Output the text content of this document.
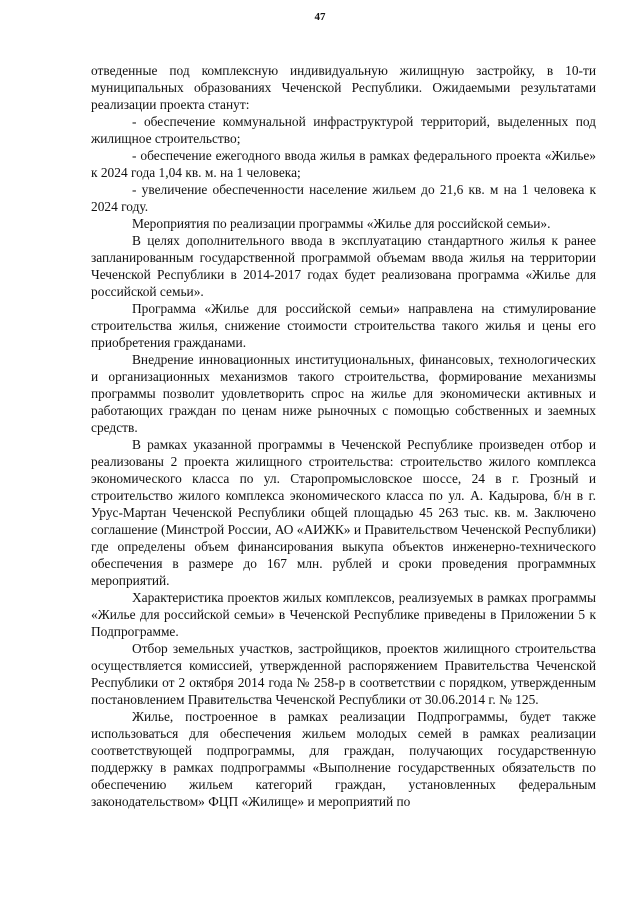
47

отведенные под комплексную индивидуальную жилищную застройку, в 10-ти муниципальных образованиях Чеченской Республики. Ожидаемыми результатами реализации проекта станут:

- обеспечение коммунальной инфраструктурой территорий, выделенных под жилищное строительство;

- обеспечение ежегодного ввода жилья в рамках федерального проекта «Жилье» к 2024 года 1,04 кв. м. на 1 человека;

- увеличение обеспеченности население жильем до 21,6 кв. м на 1 человека к 2024 году.

Мероприятия по реализации программы «Жилье для российской семьи».

В целях дополнительного ввода в эксплуатацию стандартного жилья к ранее запланированным государственной программой объемам ввода жилья на территории Чеченской Республики в 2014-2017 годах будет реализована программа «Жилье для российской семьи».

Программа «Жилье для российской семьи» направлена на стимулирование строительства жилья, снижение стоимости строительства такого жилья и цены его приобретения гражданами.

Внедрение инновационных институциональных, финансовых, технологических и организационных механизмов такого строительства, формирование механизмы программы позволит удовлетворить спрос на жилье для экономически активных и работающих граждан по ценам ниже рыночных с помощью собственных и заемных средств.

В рамках указанной программы в Чеченской Республике произведен отбор и реализованы 2 проекта жилищного строительства: строительство жилого комплекса экономического класса по ул. Старопромысловское шоссе, 24 в г. Грозный и строительство жилого комплекса экономического класса по ул. А. Кадырова, б/н в г. Урус-Мартан Чеченской Республики общей площадью 45 263 тыс. кв. м. Заключено соглашение (Минстрой России, АО «АИЖК» и Правительством Чеченской Республики) где определены объем финансирования выкупа объектов инженерно-технического обеспечения в размере до 167 млн. рублей и сроки проведения программных мероприятий.

Характеристика проектов жилых комплексов, реализуемых в рамках программы «Жилье для российской семьи» в Чеченской Республике приведены в Приложении 5 к Подпрограмме.

Отбор земельных участков, застройщиков, проектов жилищного строительства осуществляется комиссией, утвержденной распоряжением Правительства Чеченской Республики от 2 октября 2014 года № 258-р в соответствии с порядком, утвержденным постановлением Правительства Чеченской Республики от 30.06.2014 г. № 125.

Жилье, построенное в рамках реализации Подпрограммы, будет также использоваться для обеспечения жильем молодых семей в рамках реализации соответствующей подпрограммы, для граждан, получающих государственную поддержку в рамках подпрограммы «Выполнение государственных обязательств по обеспечению жильем категорий граждан, установленных федеральным законодательством» ФЦП «Жилище» и мероприятий по
